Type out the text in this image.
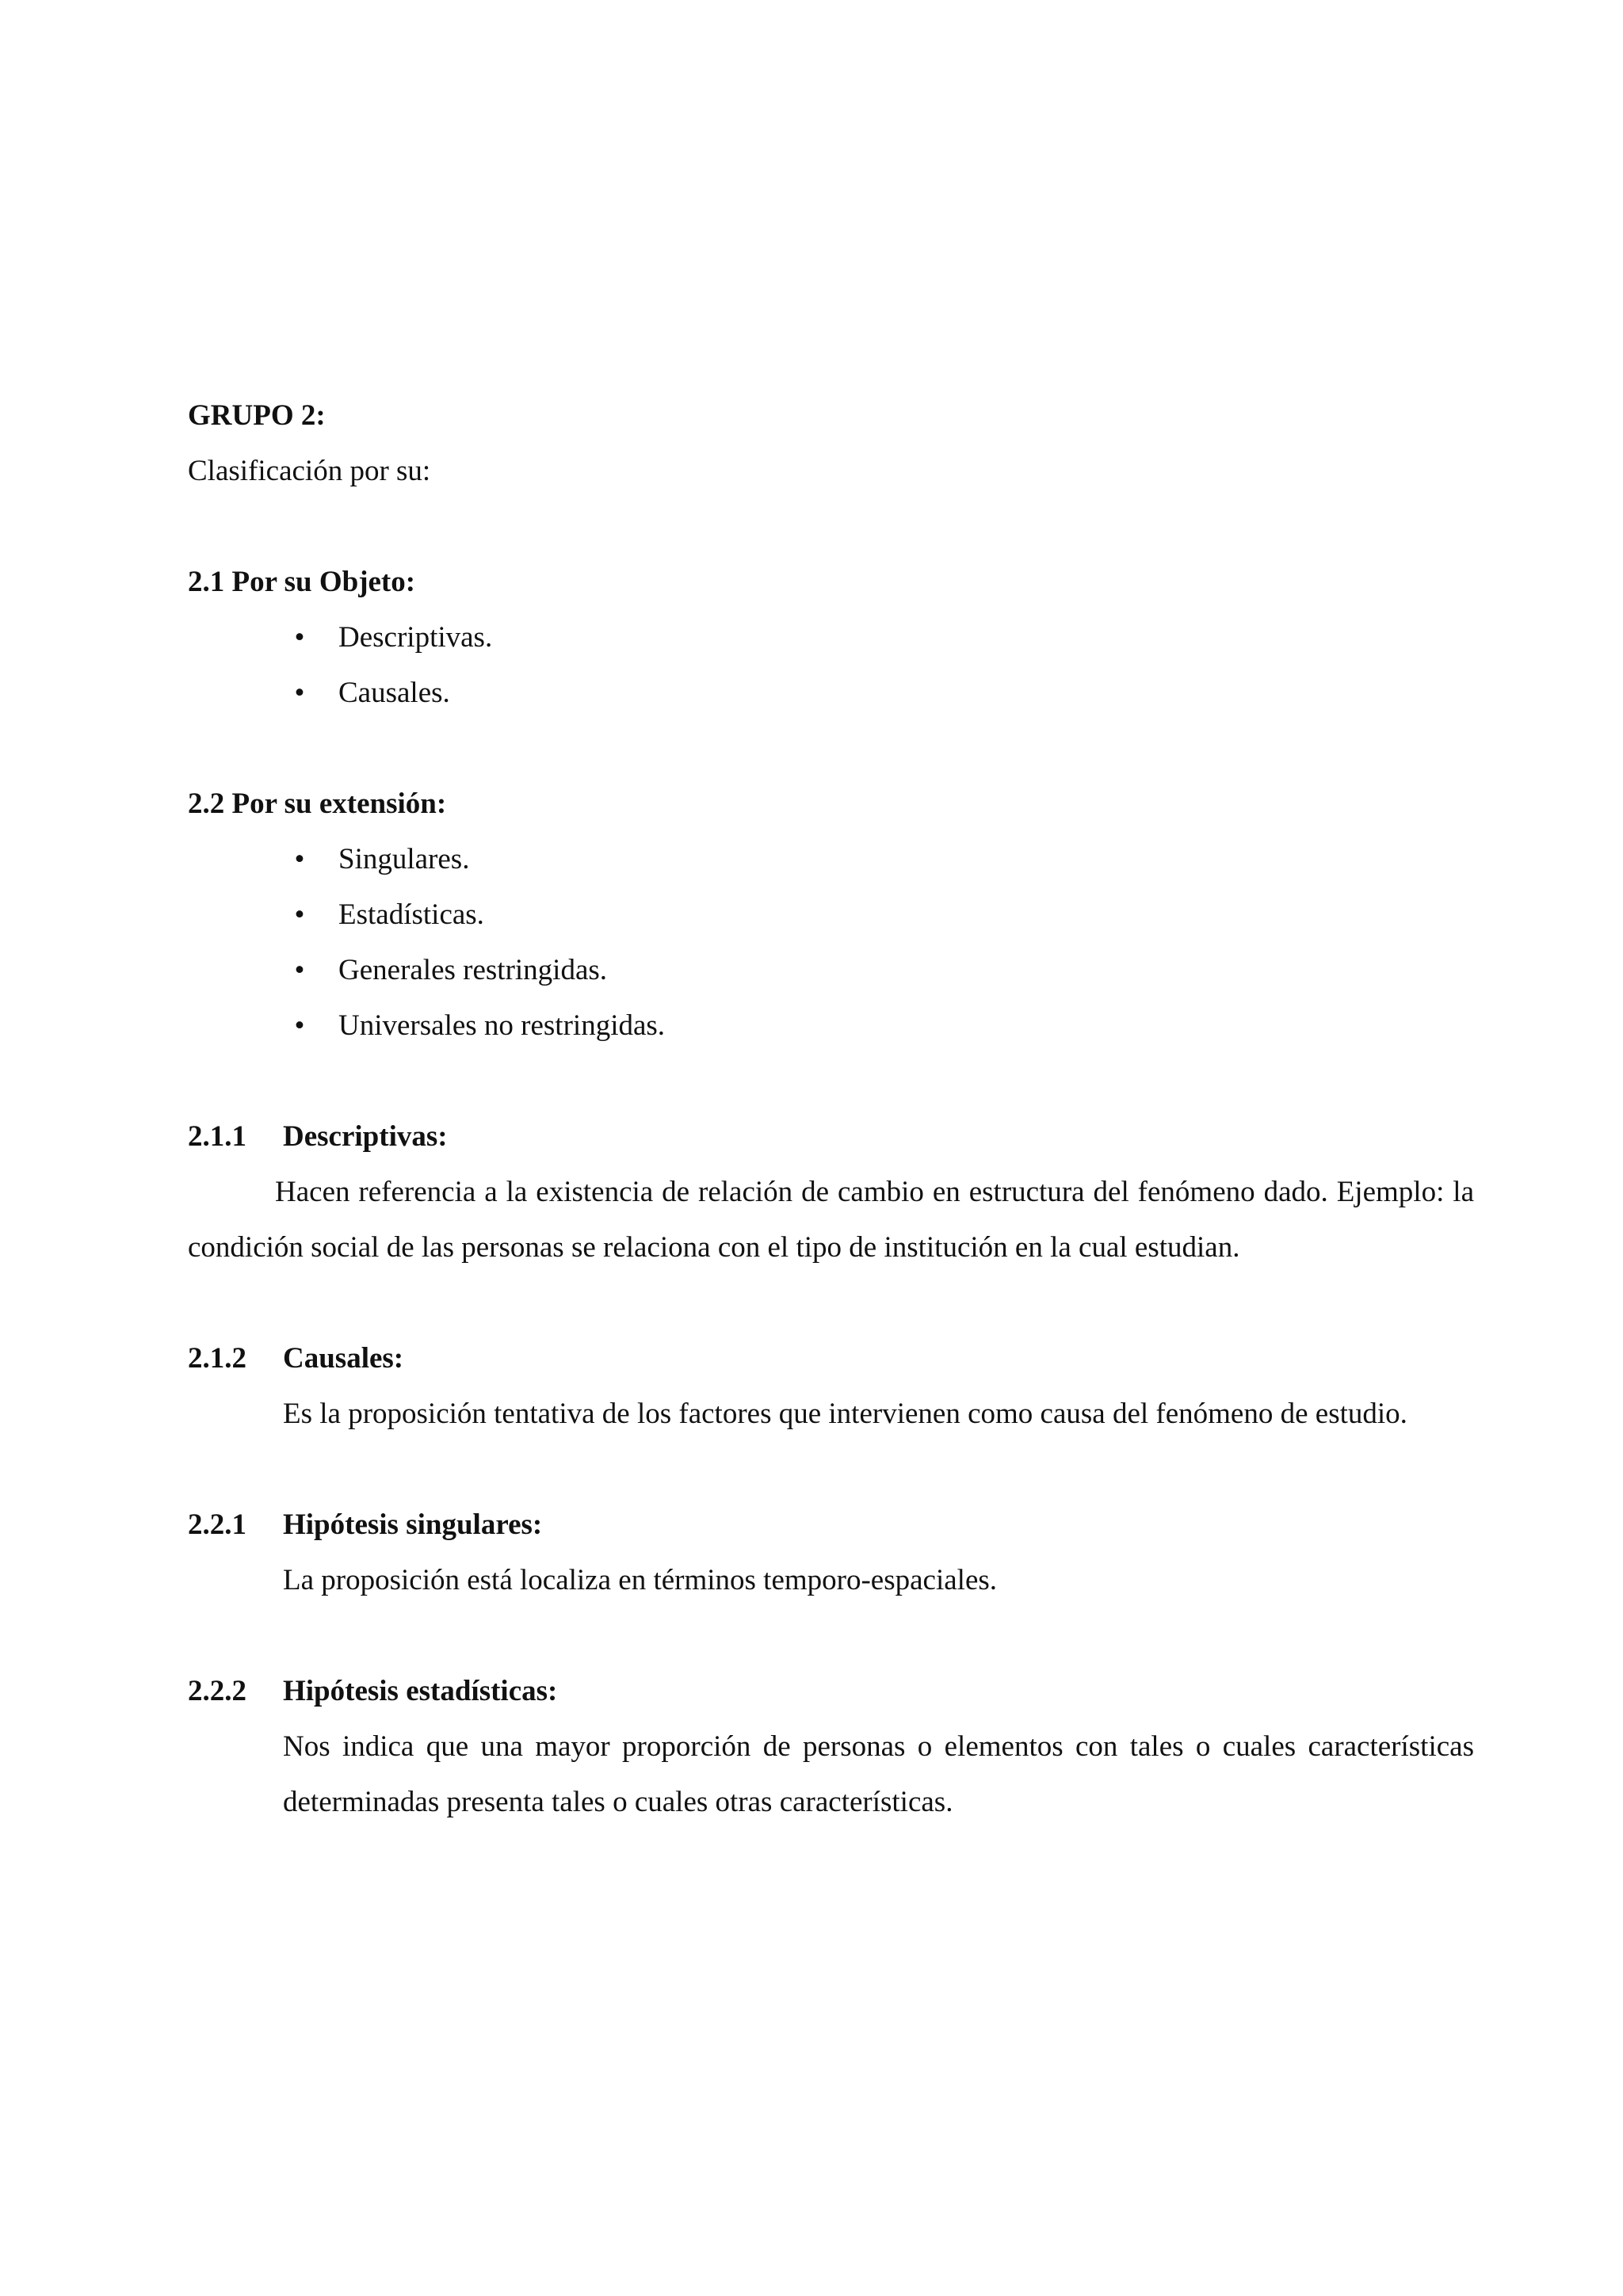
GRUPO 2:

Clasificación por su:

2.1 Por su Objeto:

• Descriptivas.
• Causales.

2.2 Por su extensión:

• Singulares.
• Estadísticas.
• Generales restringidas.
• Universales no restringidas.

2.1.1 Descriptivas:

Hacen referencia a la existencia de relación de cambio en estructura del fenómeno dado. Ejemplo: la condición social de las personas se relaciona con el tipo de institución en la cual estudian.

2.1.2 Causales:

Es la proposición tentativa de los factores que intervienen como causa del fenómeno de estudio.

2.2.1 Hipótesis singulares:

La proposición está localiza en términos temporo-espaciales.

2.2.2 Hipótesis estadísticas:

Nos indica que una mayor proporción de personas o elementos con tales o cuales características determinadas presenta tales o cuales otras características.
